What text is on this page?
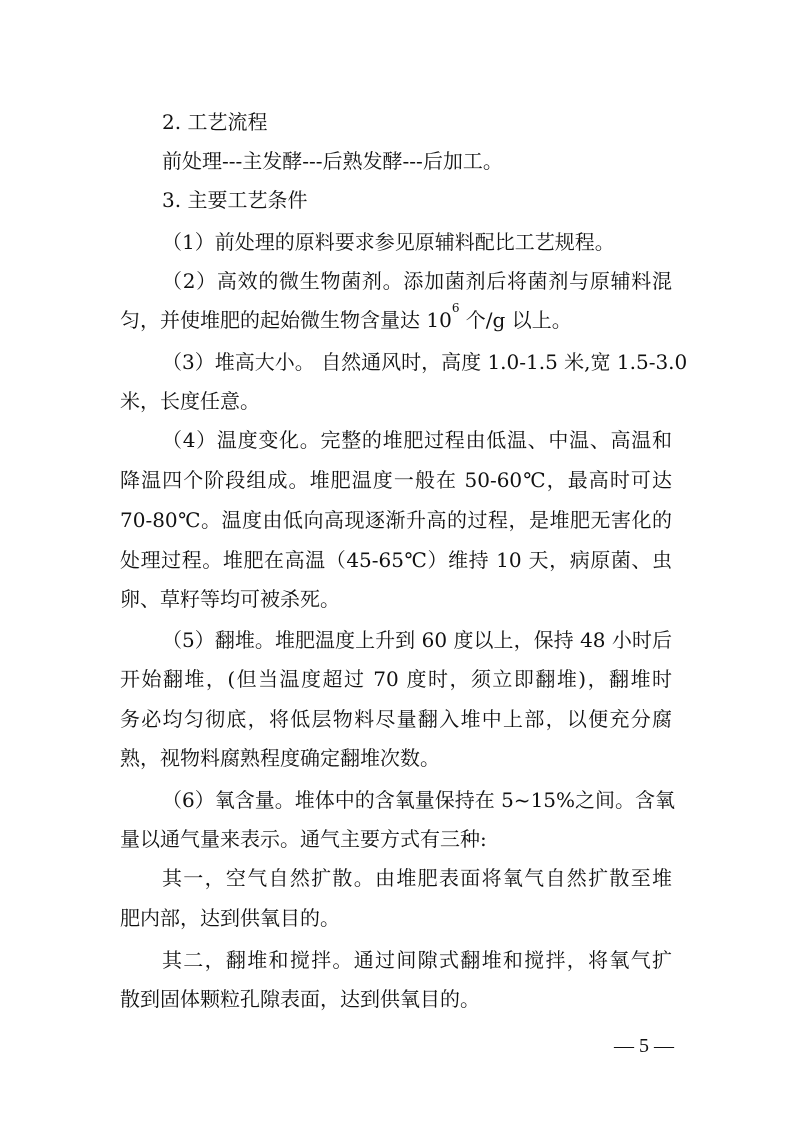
2. 工艺流程
前处理---主发酵---后熟发酵---后加工。
3. 主要工艺条件
（1）前处理的原料要求参见原辅料配比工艺规程。
（2）高效的微生物菌剂。添加菌剂后将菌剂与原辅料混
匀，并使堆肥的起始微生物含量达 $10^6$ 个/g 以上。
（3）堆高大小。 自然通风时，高度 1.0-1.5 米,宽 1.5-3.0
米，长度任意。
（4）温度变化。完整的堆肥过程由低温、中温、高温和
降温四个阶段组成。堆肥温度一般在 50-60℃，最高时可达
70-80℃。温度由低向高现逐渐升高的过程，是堆肥无害化的
处理过程。堆肥在高温（45-65℃）维持 10 天，病原菌、虫
卵、草籽等均可被杀死。
（5）翻堆。堆肥温度上升到 60 度以上，保持 48 小时后
开始翻堆，(但当温度超过 70 度时，须立即翻堆)，翻堆时
务必均匀彻底，将低层物料尽量翻入堆中上部，以便充分腐
熟，视物料腐熟程度确定翻堆次数。
（6）氧含量。堆体中的含氧量保持在 5~15%之间。含氧
量以通气量来表示。通气主要方式有三种:
其一，空气自然扩散。由堆肥表面将氧气自然扩散至堆
肥内部，达到供氧目的。
其二，翻堆和搅拌。通过间隙式翻堆和搅拌，将氧气扩
散到固体颗粒孔隙表面，达到供氧目的。
— 5 —
